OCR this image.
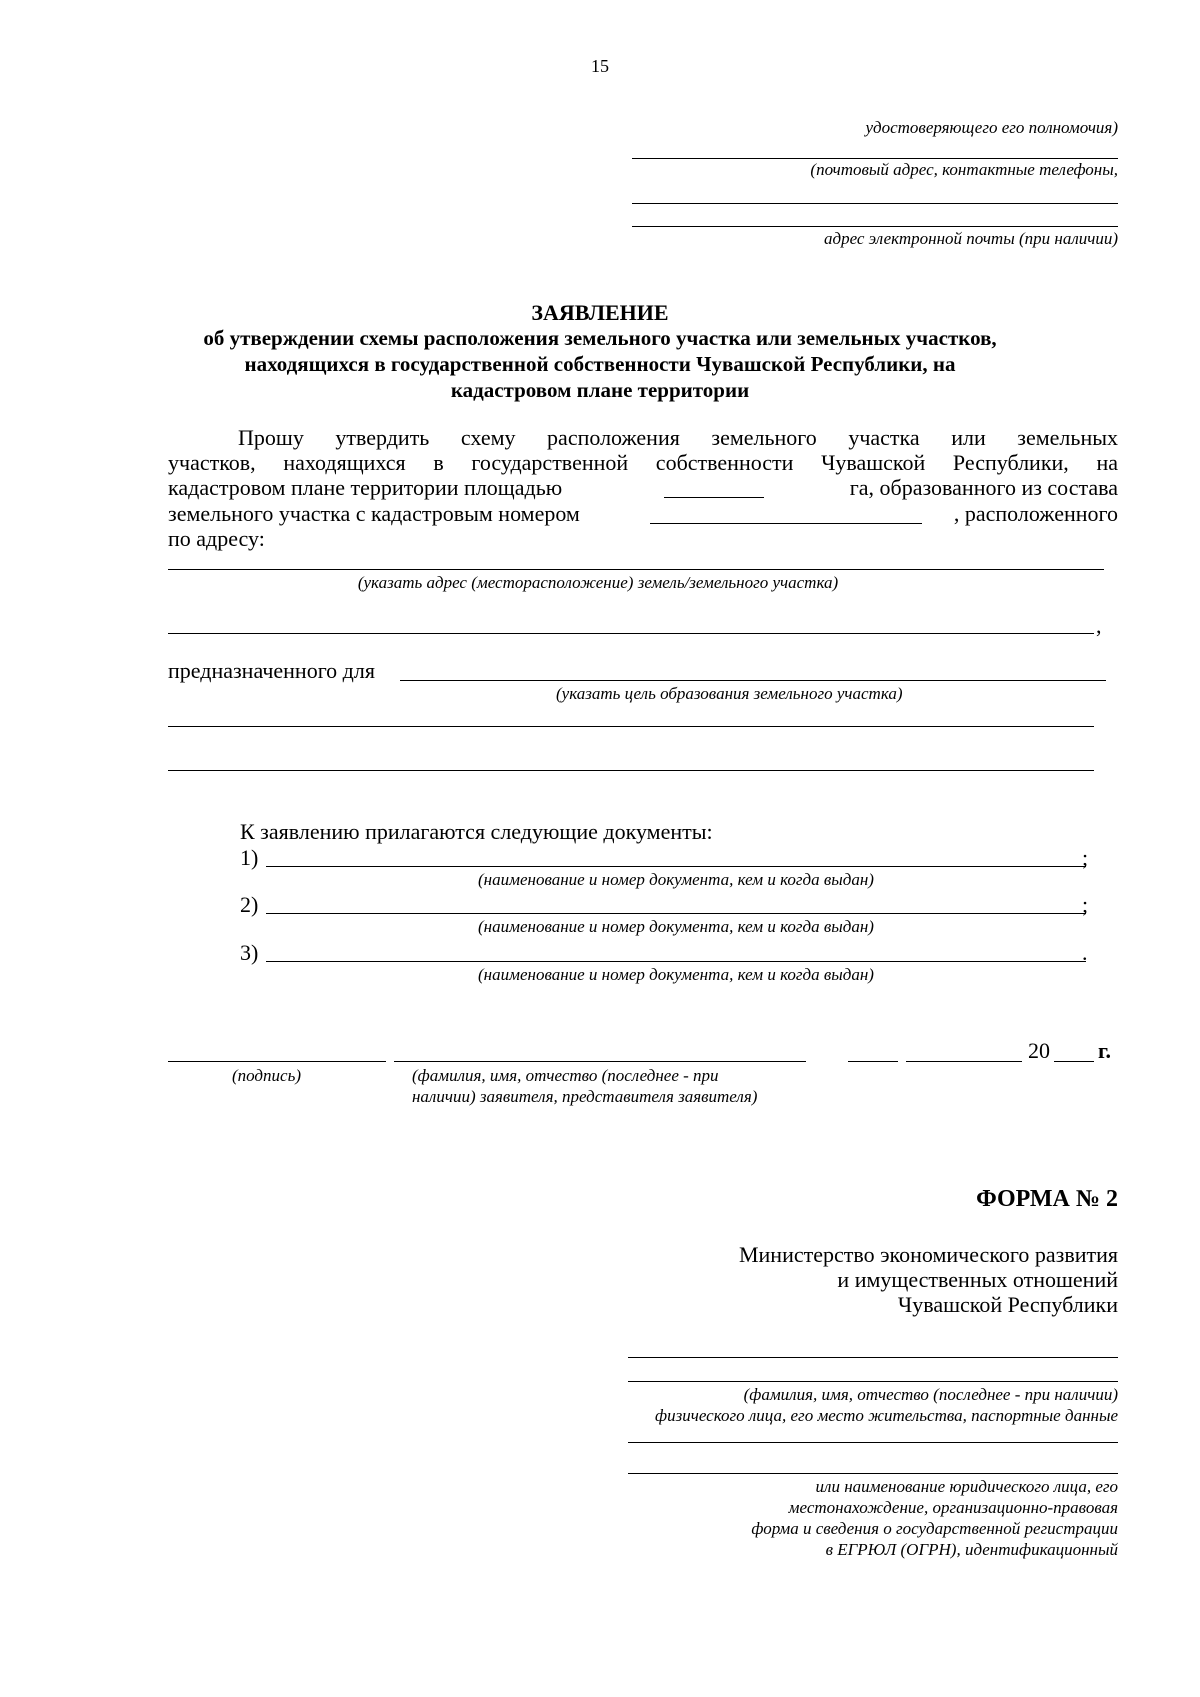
15
удостоверяющего его полномочия)
(почтовый адрес, контактные телефоны,
адрес электронной почты (при наличии)
ЗАЯВЛЕНИЕ
об утверждении схемы расположения земельного участка или земельных участков,
находящихся в государственной собственности Чувашской Республики, на
кадастровом плане территории
Прошу утвердить схему расположения земельного участка или земельных
участков, находящихся в государственной собственности Чувашской Республики, на
кадастровом плане территории площадью	га, образованного из состава
земельного участка с кадастровым номером	, расположенного
по адресу:
(указать адрес (месторасположение) земель/земельного участка)
,
предназначенного для
(указать цель образования земельного участка)
К заявлению прилагаются следующие документы:
1)	;
(наименование и номер документа, кем и когда выдан)
2)	;
(наименование и номер документа, кем и когда выдан)
3)	.
(наименование и номер документа, кем и когда выдан)
20 г.
(подпись)	(фамилия, имя, отчество (последнее - при
наличии) заявителя, представителя заявителя)
ФОРМА № 2
Министерство экономического развития
и имущественных отношений
Чувашской Республики
(фамилия, имя, отчество (последнее - при наличии)
физического лица, его место жительства, паспортные данные
или наименование юридического лица, его
местонахождение, организационно-правовая
форма и сведения о государственной регистрации
в ЕГРЮЛ (ОГРН), идентификационный
